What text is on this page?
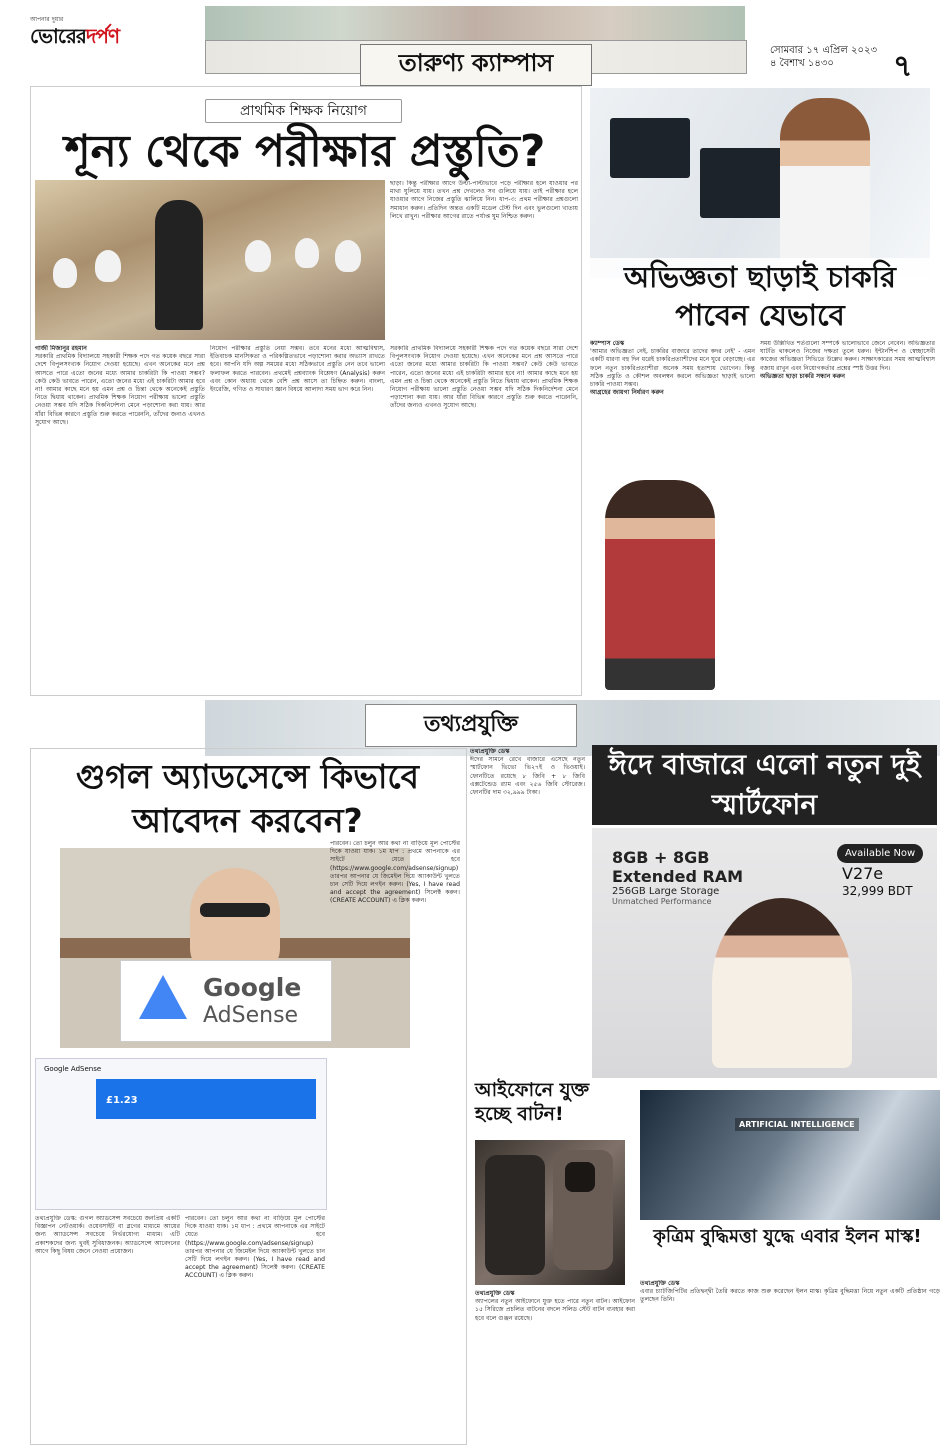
আপনার দুয়ার
ভোরেরদর্পণ
তারুণ্য ক্যাম্পাস	সোমবার ১৭ এপ্রিল ২০২৩
৪ বৈশাখ ১৪৩০	৭
প্রাথমিক শিক্ষক নিয়োগ
শূন্য থেকে পরীক্ষার প্রস্তুতি?
ছাড়া। কিন্তু পরীক্ষার আগে উল্টা-পাল্টাভাবে পড়ে পরীক্ষার হলে যাওয়ার পর মাথা ঘুলিয়ে যায়। তখন প্রশ্ন দেখলেও সব গুলিয়ে যায়। তাই পরীক্ষার হলে যাওয়ার আগে নিজের প্রস্তুতি ঝালিয়ে নিন। ধাপ-৩: প্রথম পরীক্ষার প্রশ্নগুলো সমাধান করুন। প্রতিদিন অন্তত একটি মডেল টেস্ট দিন এবং ভুলগুলো খাতায় লিখে রাখুন। পরীক্ষার আগের রাতে পর্যাপ্ত ঘুম নিশ্চিত করুন।
গাজী মিজানুর রহমান
সরকারি প্রাথমিক বিদ্যালয়ে সহকারী শিক্ষক পদে গত কয়েক বছরে সারা দেশে বিপুলসংখ্যক নিয়োগ দেওয়া হয়েছে। এখন অনেকের মনে প্রশ্ন আসতে পারে এতো জনের মধ্যে আমার চাকরিটা কি পাওয়া সম্ভব? কেউ কেউ ভাবতে পারেন, এতো জনের মধ্যে এই চাকরিটা আমার হবে না! আমার কাছে মনে হয় এমন প্রশ্ন ও চিন্তা থেকে অনেকেই প্রস্তুতি নিতে দ্বিধায় থাকেন। প্রাথমিক শিক্ষক নিয়োগ পরীক্ষায় ভালো প্রস্তুতি নেওয়া সম্ভব যদি সঠিক দিকনির্দেশনা মেনে পড়াশোনা করা যায়। আর যাঁরা বিভিন্ন কারণে প্রস্তুতি শুরু করতে পারেননি, তাঁদের জন্যও এখনও সুযোগ আছে।
নিয়োগ পরীক্ষার প্রস্তুতি নেয়া সম্ভব। তবে মনের মধ্যে আত্মবিশ্বাস, ইতিবাচক মানসিকতা ও পরিকল্পিতভাবে পড়াশোনা করার অভ্যাস রাখতে হবে। আপনি যদি অল্প সময়ের মধ্যে সঠিকভাবে প্রস্তুতি নেন তবে ভালো ফলাফল করতে পারবেন। প্রথমেই প্রশ্নব্যাংক বিশ্লেষণ (Analysis) করুন এবং কোন অধ্যায় থেকে বেশি প্রশ্ন আসে তা চিহ্নিত করুন। বাংলা, ইংরেজি, গণিত ও সাধারণ জ্ঞান বিষয়ে আলাদা সময় ভাগ করে নিন।
সরকারি প্রাথমিক বিদ্যালয়ে সহকারী শিক্ষক পদে গত কয়েক বছরে সারা দেশে বিপুলসংখ্যক নিয়োগ দেওয়া হয়েছে। এখন অনেকের মনে প্রশ্ন আসতে পারে এতো জনের মধ্যে আমার চাকরিটা কি পাওয়া সম্ভব? কেউ কেউ ভাবতে পারেন, এতো জনের মধ্যে এই চাকরিটা আমার হবে না! আমার কাছে মনে হয় এমন প্রশ্ন ও চিন্তা থেকে অনেকেই প্রস্তুতি নিতে দ্বিধায় থাকেন। প্রাথমিক শিক্ষক নিয়োগ পরীক্ষায় ভালো প্রস্তুতি নেওয়া সম্ভব যদি সঠিক দিকনির্দেশনা মেনে পড়াশোনা করা যায়। আর যাঁরা বিভিন্ন কারণে প্রস্তুতি শুরু করতে পারেননি, তাঁদের জন্যও এখনও সুযোগ আছে।
অভিজ্ঞতা ছাড়াই চাকরি পাবেন যেভাবে
ক্যাম্পাস ডেস্ক
'আমার অভিজ্ঞতা নেই, চাকরির বাজারে তাদের কদর নেই' - এমন একটি ধারণা বহু দিন ধরেই চাকরিপ্রত্যাশীদের মনে ঘুরে বেড়াচ্ছে। এর ফলে নতুন চাকরিপ্রত্যাশীরা অনেক সময় হতাশায় ভোগেন। কিন্তু সঠিক প্রস্তুতি ও কৌশল অবলম্বন করলে অভিজ্ঞতা ছাড়াই ভালো চাকরি পাওয়া সম্ভব।
আগ্রহের জায়গা নির্ধারণ করুন
সময় উল্লিখিত শর্তগুলো সম্পর্কে ভালোভাবে জেনে নেবেন। অভিজ্ঞতার ঘাটতি থাকলেও নিজের দক্ষতা তুলে ধরুন। ইন্টার্নশিপ ও স্বেচ্ছাসেবী কাজের অভিজ্ঞতা সিভিতে উল্লেখ করুন। সাক্ষাৎকারের সময় আত্মবিশ্বাস বজায় রাখুন এবং নিয়োগকর্তার প্রশ্নের স্পষ্ট উত্তর দিন।
অভিজ্ঞতা ছাড়া চাকরি সন্ধান করুন
তথ্যপ্রযুক্তি
গুগল অ্যাডসেন্সে কিভাবে আবেদন করবেন?
Google
AdSense
Google AdSense
£1.23
পারবেন। তো চলুন আর কথা না বাড়িয়ে মূল পোস্টের দিকে যাওয়া যাক। ১ম ধাপ : প্রথমে আপনাকে এর সাইটে যেতে হবে (https://www.google.com/adsense/signup) তারপর আপনার যে জিমেইল দিয়ে অ্যাকাউন্ট খুলতে চান সেটি দিয়ে লগইন করুন। (Yes, I have read and accept the agreement) সিলেক্ট করুন। (CREATE ACCOUNT) এ ক্লিক করুন।
তথ্যপ্রযুক্তি ডেস্ক: গুগল অ্যাডসেন্স সবচেয়ে জনপ্রিয় একটি বিজ্ঞাপন নেটওয়ার্ক। ওয়েবসাইট বা ব্লগের মাধ্যমে আয়ের জন্য অ্যাডসেন্স সবচেয়ে নির্ভরযোগ্য মাধ্যম। এটি প্রকাশকদের জন্য খুবই সুবিধাজনক। অ্যাডসেন্সে আবেদনের আগে কিছু বিষয় জেনে নেওয়া প্রয়োজন।
পারবেন। তো চলুন আর কথা না বাড়িয়ে মূল পোস্টের দিকে যাওয়া যাক। ১ম ধাপ : প্রথমে আপনাকে এর সাইটে যেতে হবে (https://www.google.com/adsense/signup) তারপর আপনার যে জিমেইল দিয়ে অ্যাকাউন্ট খুলতে চান সেটি দিয়ে লগইন করুন। (Yes, I have read and accept the agreement) সিলেক্ট করুন। (CREATE ACCOUNT) এ ক্লিক করুন।
তথ্যপ্রযুক্তি ডেস্ক
ঈদের সামনে রেখে বাজারে এসেছে নতুন স্মার্টফোন ভিভো ভি২৭ই ও ভিওয়াই। ফোনটিতে রয়েছে ৮ জিবি + ৮ জিবি এক্সটেন্ডেড র‍্যাম এবং ২৫৬ জিবি স্টোরেজ। ফোনটির দাম ৩২,৯৯৯ টাকা।
ঈদে বাজারে এলো নতুন দুই স্মার্টফোন
8GB + 8GB
Extended RAM
256GB Large Storage
Unmatched Performance
Available Now
V27e
32,999 BDT
আইফোনে যুক্ত হচ্ছে বাটন!
তথ্যপ্রযুক্তি ডেস্ক
অ্যাপলের নতুন আইফোনে যুক্ত হতে পারে নতুন বাটন। আইফোন ১৫ সিরিজে প্রচলিত বাটনের বদলে সলিড স্টেট বাটন ব্যবহার করা হবে বলে গুঞ্জন রয়েছে।
ARTIFICIAL INTELLIGENCE
কৃত্রিম বুদ্ধিমত্তা যুদ্ধে এবার ইলন মাস্ক!
তথ্যপ্রযুক্তি ডেস্ক
এবার চ্যাটজিপিটির প্রতিদ্বন্দ্বী তৈরি করতে কাজ শুরু করেছেন ইলন মাস্ক। কৃত্রিম বুদ্ধিমত্তা নিয়ে নতুন একটি প্রতিষ্ঠান গড়ে তুলছেন তিনি।
